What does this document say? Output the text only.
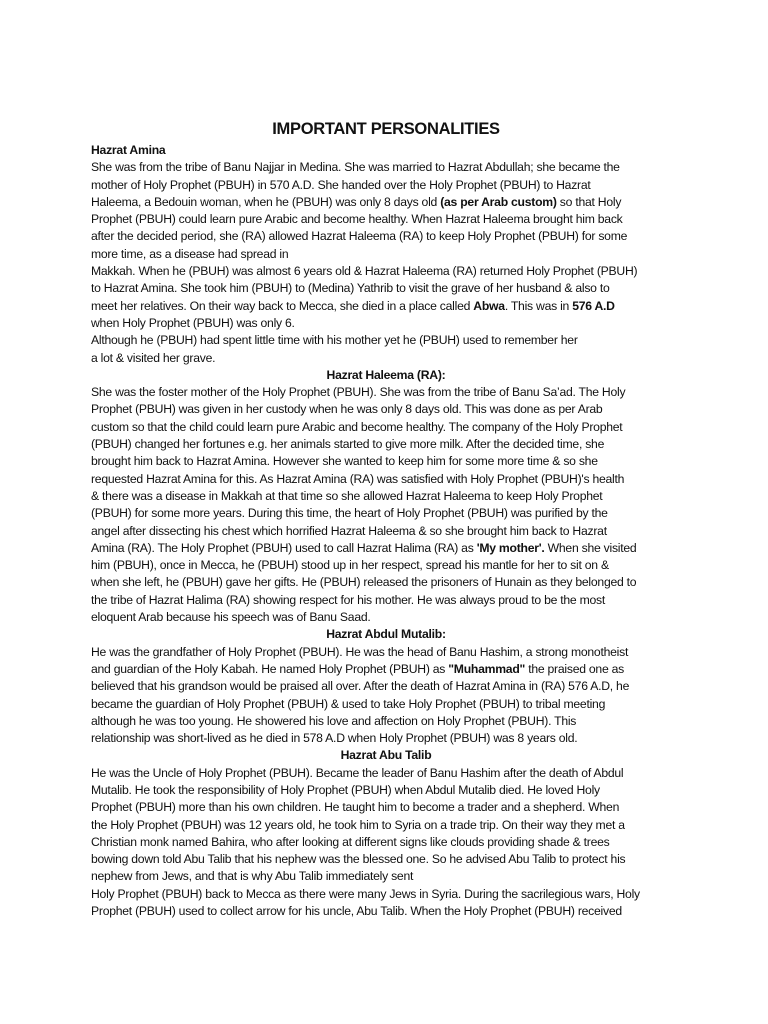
IMPORTANT PERSONALITIES
Hazrat Amina
She was from the tribe of Banu Najjar in Medina. She was married to Hazrat Abdullah; she became the
mother of Holy Prophet (PBUH) in 570 A.D. She handed over the Holy Prophet (PBUH) to Hazrat
Haleema, a Bedouin woman, when he (PBUH) was only 8 days old (as per Arab custom) so that Holy
Prophet (PBUH) could learn pure Arabic and become healthy. When Hazrat Haleema brought him back
after the decided period, she (RA) allowed Hazrat Haleema (RA) to keep Holy Prophet (PBUH) for some
more time, as a disease had spread in
Makkah. When he (PBUH) was almost 6 years old & Hazrat Haleema (RA) returned Holy Prophet (PBUH)
to Hazrat Amina. She took him (PBUH) to (Medina) Yathrib to visit the grave of her husband & also to
meet her relatives. On their way back to Mecca, she died in a place called Abwa. This was in 576 A.D
when Holy Prophet (PBUH) was only 6.
Although he (PBUH) had spent little time with his mother yet he (PBUH) used to remember her
a lot & visited her grave.
Hazrat Haleema (RA):
She was the foster mother of the Holy Prophet (PBUH). She was from the tribe of Banu Sa’ad. The Holy
Prophet (PBUH) was given in her custody when he was only 8 days old. This was done as per Arab
custom so that the child could learn pure Arabic and become healthy. The company of the Holy Prophet
(PBUH) changed her fortunes e.g. her animals started to give more milk. After the decided time, she
brought him back to Hazrat Amina. However she wanted to keep him for some more time & so she
requested Hazrat Amina for this. As Hazrat Amina (RA) was satisfied with Holy Prophet (PBUH)'s health
& there was a disease in Makkah at that time so she allowed Hazrat Haleema to keep Holy Prophet
(PBUH) for some more years. During this time, the heart of Holy Prophet (PBUH) was purified by the
angel after dissecting his chest which horrified Hazrat Haleema & so she brought him back to Hazrat
Amina (RA). The Holy Prophet (PBUH) used to call Hazrat Halima (RA) as 'My mother'. When she visited
him (PBUH), once in Mecca, he (PBUH) stood up in her respect, spread his mantle for her to sit on &
when she left, he (PBUH) gave her gifts. He (PBUH) released the prisoners of Hunain as they belonged to
the tribe of Hazrat Halima (RA) showing respect for his mother. He was always proud to be the most
eloquent Arab because his speech was of Banu Saad.
Hazrat Abdul Mutalib:
He was the grandfather of Holy Prophet (PBUH). He was the head of Banu Hashim, a strong monotheist
and guardian of the Holy Kabah. He named Holy Prophet (PBUH) as "Muhammad" the praised one as
believed that his grandson would be praised all over. After the death of Hazrat Amina in (RA) 576 A.D, he
became the guardian of Holy Prophet (PBUH) & used to take Holy Prophet (PBUH) to tribal meeting
although he was too young. He showered his love and affection on Holy Prophet (PBUH). This
relationship was short-lived as he died in 578 A.D when Holy Prophet (PBUH) was 8 years old.
Hazrat Abu Talib
He was the Uncle of Holy Prophet (PBUH). Became the leader of Banu Hashim after the death of Abdul
Mutalib. He took the responsibility of Holy Prophet (PBUH) when Abdul Mutalib died. He loved Holy
Prophet (PBUH) more than his own children. He taught him to become a trader and a shepherd. When
the Holy Prophet (PBUH) was 12 years old, he took him to Syria on a trade trip. On their way they met a
Christian monk named Bahira, who after looking at different signs like clouds providing shade & trees
bowing down told Abu Talib that his nephew was the blessed one. So he advised Abu Talib to protect his
nephew from Jews, and that is why Abu Talib immediately sent
Holy Prophet (PBUH) back to Mecca as there were many Jews in Syria. During the sacrilegious wars, Holy
Prophet (PBUH) used to collect arrow for his uncle, Abu Talib. When the Holy Prophet (PBUH) received
